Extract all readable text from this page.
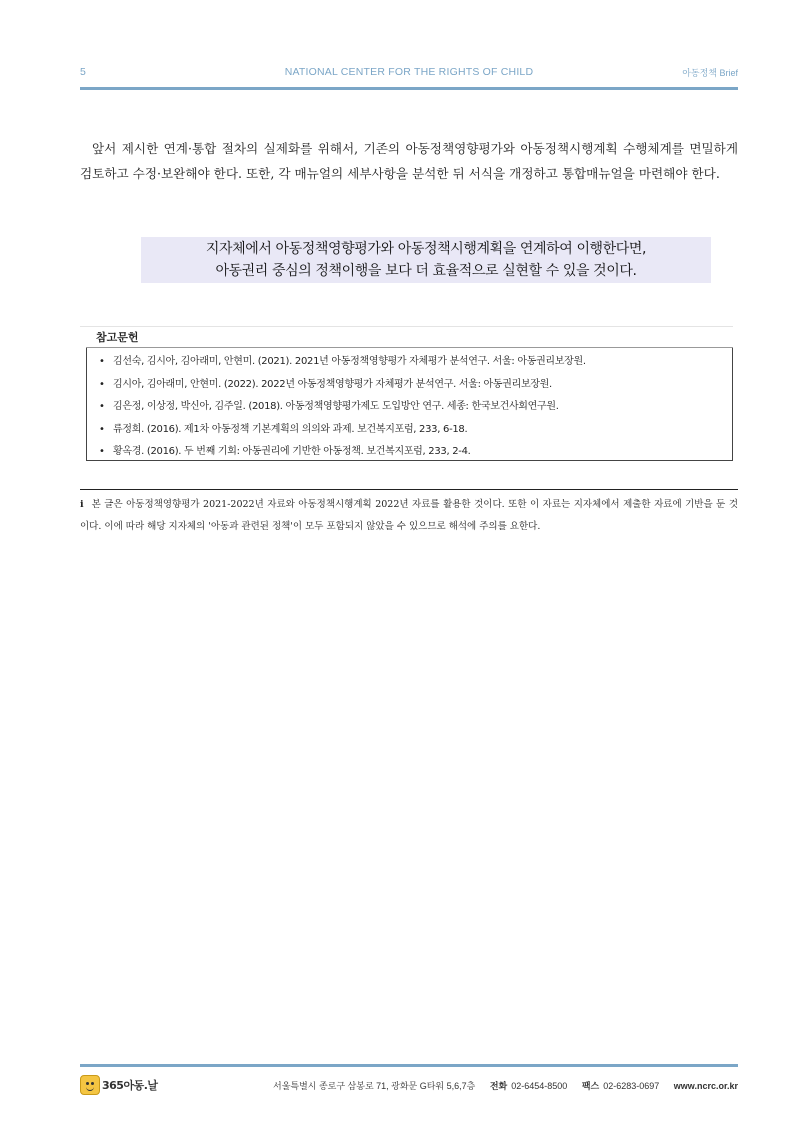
5	NATIONAL CENTER FOR THE RIGHTS OF CHILD	아동정책 Brief

앞서 제시한 연계·통합 절차의 실제화를 위해서, 기존의 아동정책영향평가와 아동정책시행계획 수행체계를 면밀하게 검토하고 수정·보완해야 한다. 또한, 각 매뉴얼의 세부사항을 분석한 뒤 서식을 개정하고 통합매뉴얼을 마련해야 한다.

지자체에서 아동정책영향평가와 아동정책시행계획을 연계하여 이행한다면,
아동권리 중심의 정책이행을 보다 더 효율적으로 실현할 수 있을 것이다.
참고문헌
• 김선숙, 김시아, 김아래미, 안현미. (2021). 2021년 아동정책영향평가 자체평가 분석연구. 서울: 아동권리보장원.
• 김시아, 김아래미, 안현미. (2022). 2022년 아동정책영향평가 자체평가 분석연구. 서울: 아동권리보장원.
• 김은정, 이상정, 박신아, 김주일. (2018). 아동정책영향평가제도 도입방안 연구. 세종: 한국보건사회연구원.
• 류정희. (2016). 제1차 아동정책 기본계획의 의의와 과제. 보건복지포럼, 233, 6-18.
• 황옥경. (2016). 두 번째 기회: 아동권리에 기반한 아동정책. 보건복지포럼, 233, 2-4.

i 본 글은 아동정책영향평가 2021-2022년 자료와 아동정책시행계획 2022년 자료를 활용한 것이다. 또한 이 자료는 지자체에서 제출한 자료에 기반을 둔 것이다. 이에 따라 해당 지자체의 '아동과 관련된 정책'이 모두 포함되지 않았을 수 있으므로 해석에 주의를 요한다.

365아동.날	서울특별시 종로구 삼봉로 71, 광화문 G타워 5,6,7층 전화 02-6454-8500 팩스 02-6283-0697 www.ncrc.or.kr
